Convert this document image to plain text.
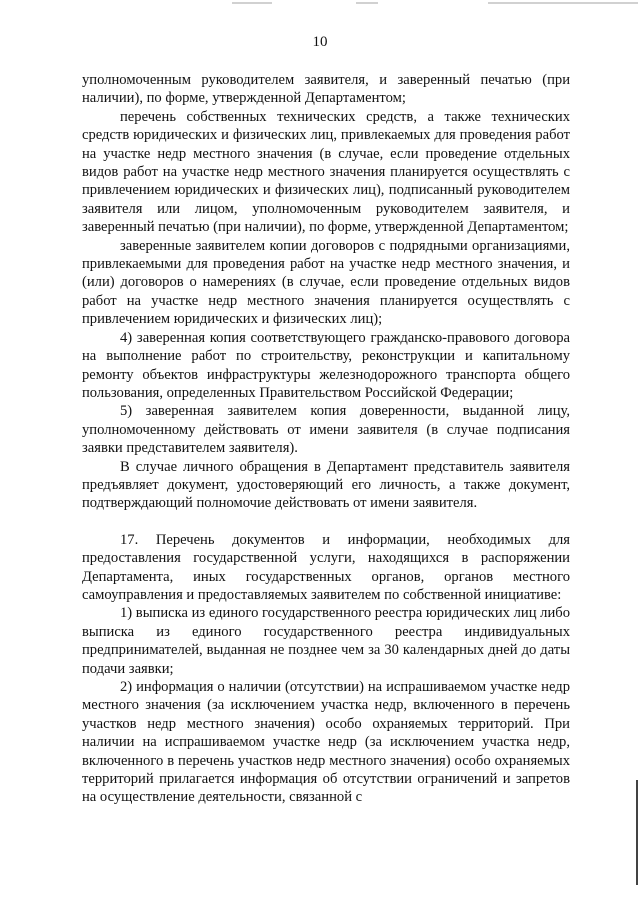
10

уполномоченным руководителем заявителя, и заверенный печатью (при наличии), по форме, утвержденной Департаментом;

перечень собственных технических средств, а также технических средств юридических и физических лиц, привлекаемых для проведения работ на участке недр местного значения (в случае, если проведение отдельных видов работ на участке недр местного значения планируется осуществлять с привлечением юридических и физических лиц), подписанный руководителем заявителя или лицом, уполномоченным руководителем заявителя, и заверенный печатью (при наличии), по форме, утвержденной Департаментом;

заверенные заявителем копии договоров с подрядными организациями, привлекаемыми для проведения работ на участке недр местного значения, и (или) договоров о намерениях (в случае, если проведение отдельных видов работ на участке недр местного значения планируется осуществлять с привлечением юридических и физических лиц);

4) заверенная копия соответствующего гражданско-правового договора на выполнение работ по строительству, реконструкции и капитальному ремонту объектов инфраструктуры железнодорожного транспорта общего пользования, определенных Правительством Российской Федерации;

5) заверенная заявителем копия доверенности, выданной лицу, уполномоченному действовать от имени заявителя (в случае подписания заявки представителем заявителя).

В случае личного обращения в Департамент представитель заявителя предъявляет документ, удостоверяющий его личность, а также документ, подтверждающий полномочие действовать от имени заявителя.

17. Перечень документов и информации, необходимых для предоставления государственной услуги, находящихся в распоряжении Департамента, иных государственных органов, органов местного самоуправления и предоставляемых заявителем по собственной инициативе:

1) выписка из единого государственного реестра юридических лиц либо выписка из единого государственного реестра индивидуальных предпринимателей, выданная не позднее чем за 30 календарных дней до даты подачи заявки;

2) информация о наличии (отсутствии) на испрашиваемом участке недр местного значения (за исключением участка недр, включенного в перечень участков недр местного значения) особо охраняемых территорий. При наличии на испрашиваемом участке недр (за исключением участка недр, включенного в перечень участков недр местного значения) особо охраняемых территорий прилагается информация об отсутствии ограничений и запретов на осуществление деятельности, связанной с
